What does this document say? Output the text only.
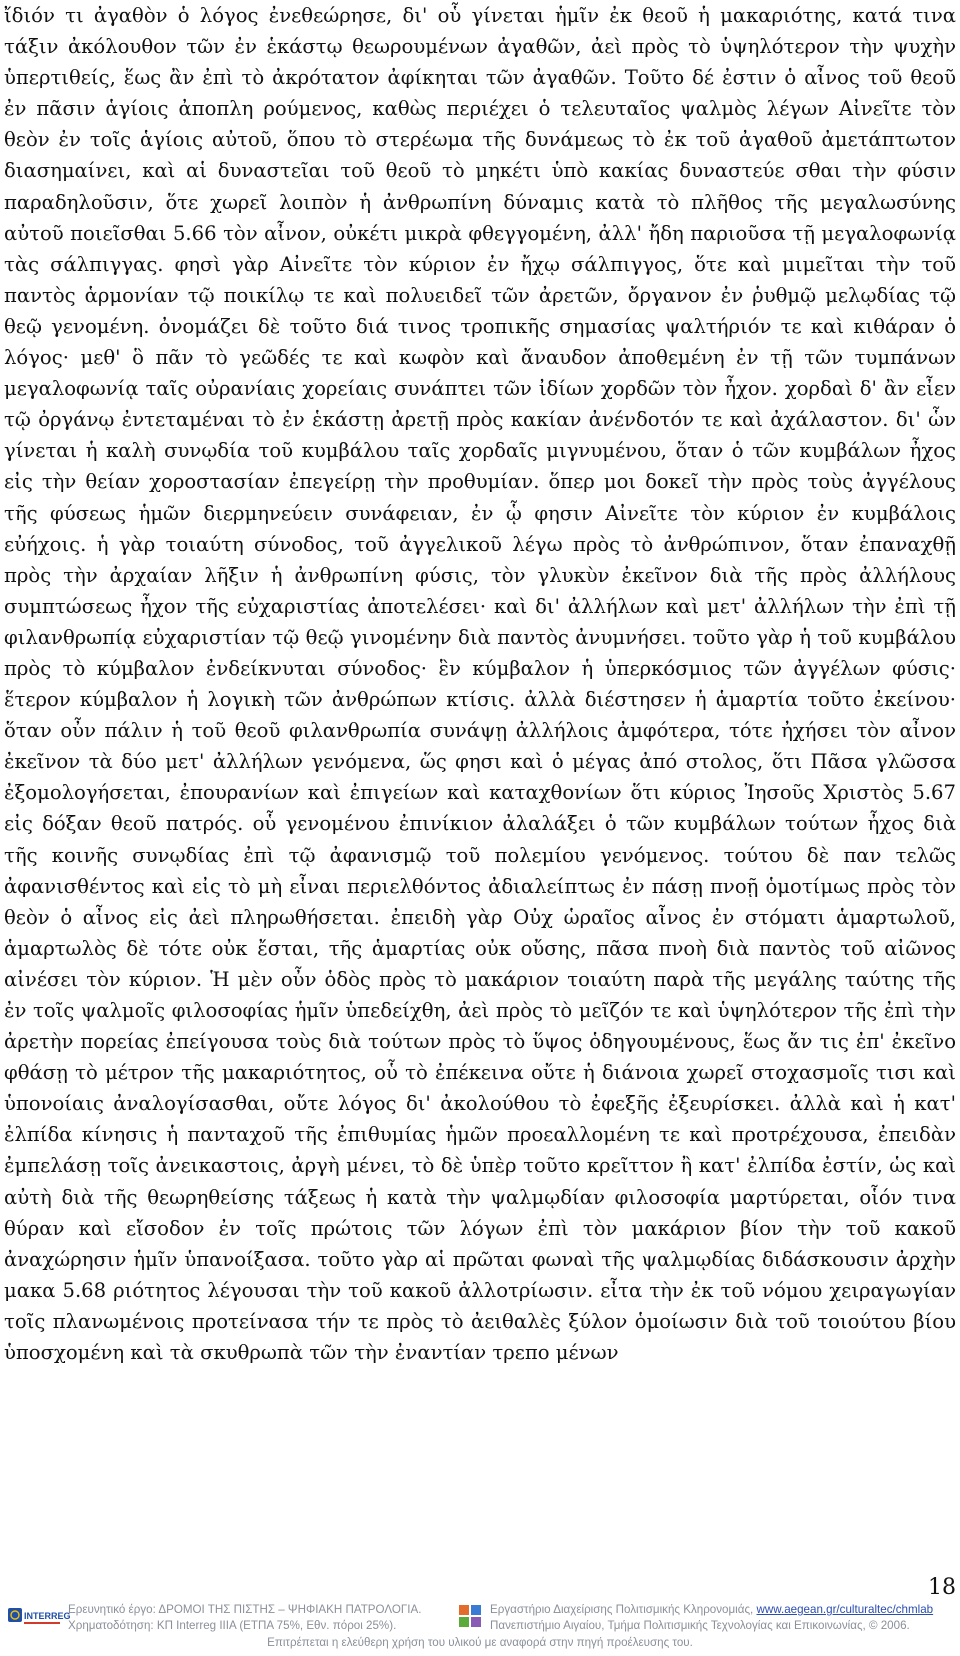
ἴδιόν τι ἀγαθὸν ὁ λόγος ἐνεθεώρησε, δι' οὗ γίνεται ἡμῖν ἐκ θεοῦ ἡ μακαριότης, κατά τινα τάξιν ἀκόλουθον τῶν ἐν ἑκάστῳ θεωρουμένων ἀγαθῶν, ἀεὶ πρὸς τὸ ὑψηλότερον τὴν ψυχὴν ὑπερτιθείς, ἕως ἂν ἐπὶ τὸ ἀκρότατον ἀφίκηται τῶν ἀγαθῶν. Τοῦτο δέ ἐστιν ὁ αἶνος τοῦ θεοῦ ἐν πᾶσιν ἁγίοις ἀποπλη ρούμενος, καθὼς περιέχει ὁ τελευταῖος ψαλμὸς λέγων Αἰνεῖτε τὸν θεὸν ἐν τοῖς ἁγίοις αὐτοῦ, ὅπου τὸ στερέωμα τῆς δυνάμεως τὸ ἐκ τοῦ ἀγαθοῦ ἀμετάπτωτον διασημαίνει, καὶ αἱ δυναστεῖαι τοῦ θεοῦ τὸ μηκέτι ὑπὸ κακίας δυναστεύε σθαι τὴν φύσιν παραδηλοῦσιν, ὅτε χωρεῖ λοιπὸν ἡ ἀνθρωπίνη δύναμις κατὰ τὸ πλῆθος τῆς μεγαλωσύνης αὐτοῦ ποιεῖσθαι 5.66 τὸν αἶνον, οὐκέτι μικρὰ φθεγγομένη, ἀλλ' ἤδη παριοῦσα τῇ μεγαλοφωνίᾳ τὰς σάλπιγγας. φησὶ γὰρ Αἰνεῖτε τὸν κύριον ἐν ἤχῳ σάλπιγγος, ὅτε καὶ μιμεῖται τὴν τοῦ παντὸς ἁρμονίαν τῷ ποικίλῳ τε καὶ πολυειδεῖ τῶν ἀρετῶν, ὄργανον ἐν ῥυθμῷ μελῳδίας τῷ θεῷ γενομένη. ὀνομάζει δὲ τοῦτο διά τινος τροπικῆς σημασίας ψαλτήριόν τε καὶ κιθάραν ὁ λόγος· μεθ' ὃ πᾶν τὸ γεῶδές τε καὶ κωφὸν καὶ ἄναυδον ἀποθεμένη ἐν τῇ τῶν τυμπάνων μεγαλοφωνίᾳ ταῖς οὐρανίαις χορείαις συνάπτει τῶν ἰδίων χορδῶν τὸν ἦχον. χορδαὶ δ' ἂν εἶεν τῷ ὀργάνῳ ἐντεταμέναι τὸ ἐν ἑκάστῃ ἀρετῇ πρὸς κακίαν ἀνένδοτόν τε καὶ ἀχάλαστον. δι' ὧν γίνεται ἡ καλὴ συνῳδία τοῦ κυμβάλου ταῖς χορδαῖς μιγνυμένου, ὅταν ὁ τῶν κυμβάλων ἦχος εἰς τὴν θείαν χοροστασίαν ἐπεγείρῃ τὴν προθυμίαν. ὅπερ μοι δοκεῖ τὴν πρὸς τοὺς ἀγγέλους τῆς φύσεως ἡμῶν διερμηνεύειν συνάφειαν, ἐν ᾧ φησιν Αἰνεῖτε τὸν κύριον ἐν κυμβάλοις εὐήχοις. ἡ γὰρ τοιαύτη σύνοδος, τοῦ ἀγγελικοῦ λέγω πρὸς τὸ ἀνθρώπινον, ὅταν ἐπαναχθῇ πρὸς τὴν ἀρχαίαν λῆξιν ἡ ἀνθρωπίνη φύσις, τὸν γλυκὺν ἐκεῖνον διὰ τῆς πρὸς ἀλλήλους συμπτώσεως ἦχον τῆς εὐχαριστίας ἀποτελέσει· καὶ δι' ἀλλήλων καὶ μετ' ἀλλήλων τὴν ἐπὶ τῇ φιλανθρωπίᾳ εὐχαριστίαν τῷ θεῷ γινομένην διὰ παντὸς ἀνυμνήσει. τοῦτο γὰρ ἡ τοῦ κυμβάλου πρὸς τὸ κύμβαλον ἐνδείκνυται σύνοδος· ἓν κύμβαλον ἡ ὑπερκόσμιος τῶν ἀγγέλων φύσις· ἕτερον κύμβαλον ἡ λογικὴ τῶν ἀνθρώπων κτίσις. ἀλλὰ διέστησεν ἡ ἁμαρτία τοῦτο ἐκείνου· ὅταν οὖν πάλιν ἡ τοῦ θεοῦ φιλανθρωπία συνάψῃ ἀλλήλοις ἀμφότερα, τότε ἠχήσει τὸν αἶνον ἐκεῖνον τὰ δύο μετ' ἀλλήλων γενόμενα, ὥς φησι καὶ ὁ μέγας ἀπό στολος, ὅτι Πᾶσα γλῶσσα ἐξομολογήσεται, ἐπουρανίων καὶ ἐπιγείων καὶ καταχθονίων ὅτι κύριος Ἰησοῦς Χριστὸς 5.67 εἰς δόξαν θεοῦ πατρός. οὗ γενομένου ἐπινίκιον ἀλαλάξει ὁ τῶν κυμβάλων τούτων ἦχος διὰ τῆς κοινῆς συνῳδίας ἐπὶ τῷ ἀφανισμῷ τοῦ πολεμίου γενόμενος. τούτου δὲ παν τελῶς ἀφανισθέντος καὶ εἰς τὸ μὴ εἶναι περιελθόντος ἀδιαλείπτως ἐν πάσῃ πνοῇ ὁμοτίμως πρὸς τὸν θεὸν ὁ αἶνος εἰς ἀεὶ πληρωθήσεται. ἐπειδὴ γὰρ Οὐχ ὡραῖος αἶνος ἐν στόματι ἁμαρτωλοῦ, ἁμαρτωλὸς δὲ τότε οὐκ ἔσται, τῆς ἁμαρτίας οὐκ οὔσης, πᾶσα πνοὴ διὰ παντὸς τοῦ αἰῶνος αἰνέσει τὸν κύριον. Ἡ μὲν οὖν ὁδὸς πρὸς τὸ μακάριον τοιαύτη παρὰ τῆς μεγάλης ταύτης τῆς ἐν τοῖς ψαλμοῖς φιλοσοφίας ἡμῖν ὑπεδείχθη, ἀεὶ πρὸς τὸ μεῖζόν τε καὶ ὑψηλότερον τῆς ἐπὶ τὴν ἀρετὴν πορείας ἐπείγουσα τοὺς διὰ τούτων πρὸς τὸ ὕψος ὁδηγουμένους, ἕως ἄν τις ἐπ' ἐκεῖνο φθάσῃ τὸ μέτρον τῆς μακαριότητος, οὗ τὸ ἐπέκεινα οὔτε ἡ διάνοια χωρεῖ στοχασμοῖς τισι καὶ ὑπονοίαις ἀναλογίσασθαι, οὔτε λόγος δι' ἀκολούθου τὸ ἐφεξῆς ἐξευρίσκει. ἀλλὰ καὶ ἡ κατ' ἐλπίδα κίνησις ἡ πανταχοῦ τῆς ἐπιθυμίας ἡμῶν προεαλλομένη τε καὶ προτρέχουσα, ἐπειδὰν ἐμπελάσῃ τοῖς ἀνεικαστοις, ἀργὴ μένει, τὸ δὲ ὑπὲρ τοῦτο κρεῖττον ἢ κατ' ἐλπίδα ἐστίν, ὡς καὶ αὐτὴ διὰ τῆς θεωρηθείσης τάξεως ἡ κατὰ τὴν ψαλμῳδίαν φιλοσοφία μαρτύρεται, οἷόν τινα θύραν καὶ εἴσοδον ἐν τοῖς πρώτοις τῶν λόγων ἐπὶ τὸν μακάριον βίον τὴν τοῦ κακοῦ ἀναχώρησιν ἡμῖν ὑπανοίξασα. τοῦτο γὰρ αἱ πρῶται φωναὶ τῆς ψαλμῳδίας διδάσκουσιν ἀρχὴν μακα 5.68 ριότητος λέγουσαι τὴν τοῦ κακοῦ ἀλλοτρίωσιν. εἶτα τὴν ἐκ τοῦ νόμου χειραγωγίαν τοῖς πλανωμένοις προτείνασα τήν τε πρὸς τὸ ἀειθαλὲς ξύλον ὁμοίωσιν διὰ τοῦ τοιούτου βίου ὑποσχομένη καὶ τὰ σκυθρωπὰ τῶν τὴν ἐναντίαν τρεπο μένων

18
INTERREG
Ερευνητικό έργο: ΔΡΟΜΟΙ ΤΗΣ ΠΙΣΤΗΣ – ΨΗΦΙΑΚΗ ΠΑΤΡΟΛΟΓΙΑ.
Χρηματοδότηση: ΚΠ Interreg IIIA (ΕΤΠΑ 75%, Εθν. πόροι 25%).
Εργαστήριο Διαχείρισης Πολιτισμικής Κληρονομιάς, www.aegean.gr/culturaltec/chmlab
Πανεπιστήμιο Αιγαίου, Τμήμα Πολιτισμικής Τεχνολογίας και Επικοινωνίας, © 2006.
Επιτρέπεται η ελεύθερη χρήση του υλικού με αναφορά στην πηγή προέλευσης του.
